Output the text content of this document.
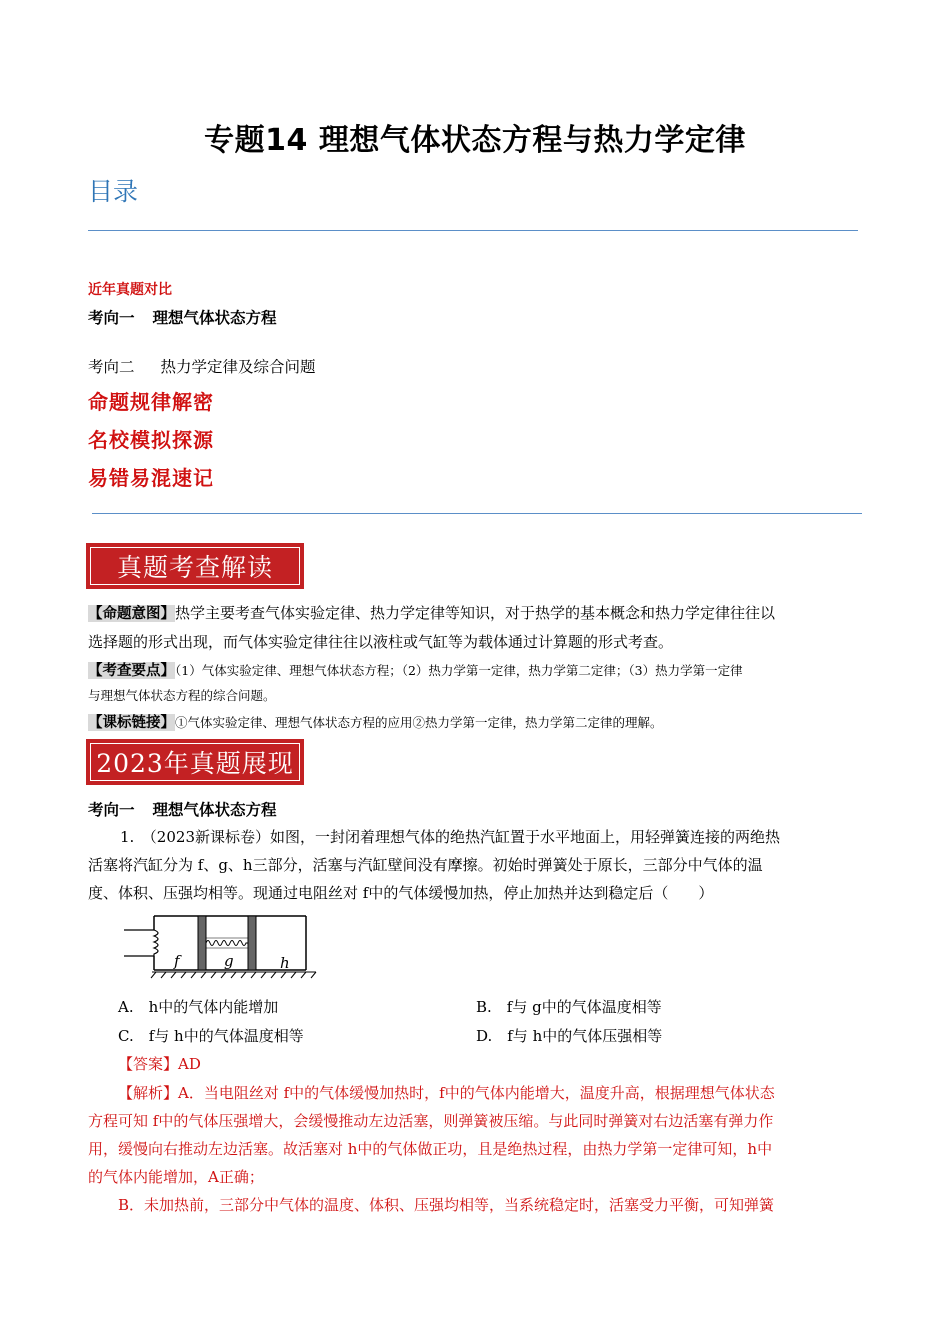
专题14 理想气体状态方程与热力学定律
目录
近年真题对比
考向一 理想气体状态方程
考向二 热力学定律及综合问题
命题规律解密
名校模拟探源
易错易混速记
真题考查解读
【命题意图】热学主要考查气体实验定律、热力学定律等知识，对于热学的基本概念和热力学定律往往以
选择题的形式出现，而气体实验定律往往以液柱或气缸等为载体通过计算题的形式考查。
【考查要点】（1）气体实验定律、理想气体状态方程；（2）热力学第一定律，热力学第二定律；（3）热力学第一定律
与理想气体状态方程的综合问题。
【课标链接】①气体实验定律、理想气体状态方程的应用②热力学第一定律，热力学第二定律的理解。
2023年真题展现
考向一 理想气体状态方程
1.　（2023新课标卷）如图，一封闭着理想气体的绝热汽缸置于水平地面上，用轻弹簧连接的两绝热
活塞将汽缸分为 f、g、h三部分，活塞与汽缸壁间没有摩擦。初始时弹簧处于原长，三部分中气体的温
度、体积、压强均相等。现通过电阻丝对 f中的气体缓慢加热，停止加热并达到稳定后（　　）
f	g	h
A.　h中的气体内能增加	B.　f与 g中的气体温度相等
C.　f与 h中的气体温度相等	D.　f与 h中的气体压强相等
【答案】AD
【解析】A．当电阻丝对 f中的气体缓慢加热时，f中的气体内能增大，温度升高，根据理想气体状态
方程可知 f中的气体压强增大，会缓慢推动左边活塞，则弹簧被压缩。与此同时弹簧对右边活塞有弹力作
用，缓慢向右推动左边活塞。故活塞对 h中的气体做正功，且是绝热过程，由热力学第一定律可知，h中
的气体内能增加，A正确；
B．未加热前，三部分中气体的温度、体积、压强均相等，当系统稳定时，活塞受力平衡，可知弹簧
